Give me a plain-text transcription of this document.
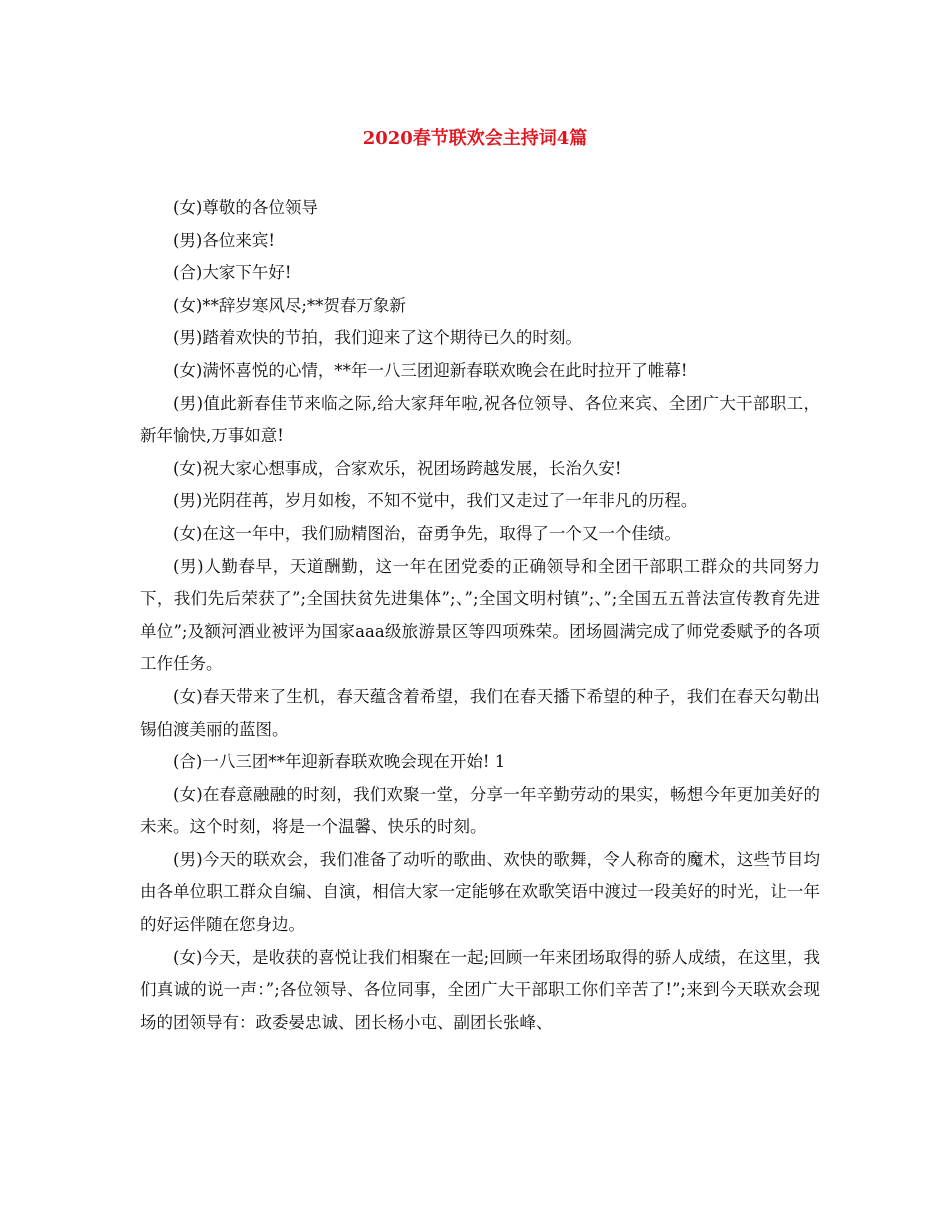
2020春节联欢会主持词4篇

(女)尊敬的各位领导

(男)各位来宾!

(合)大家下午好!

(女)**辞岁寒风尽;**贺春万象新

(男)踏着欢快的节拍，我们迎来了这个期待已久的时刻。

(女)满怀喜悦的心情，**年一八三团迎新春联欢晚会在此时拉开了帷幕!

(男)值此新春佳节来临之际,给大家拜年啦,祝各位领导、各位来宾、全团广大干部职工，新年愉快,万事如意!

(女)祝大家心想事成，合家欢乐，祝团场跨越发展，长治久安!

(男)光阴荏苒，岁月如梭，不知不觉中，我们又走过了一年非凡的历程。

(女)在这一年中，我们励精图治，奋勇争先，取得了一个又一个佳绩。

(男)人勤春早，天道酬勤，这一年在团党委的正确领导和全团干部职工群众的共同努力下，我们先后荣获了”;全国扶贫先进集体”;、”;全国文明村镇”;、”;全国五五普法宣传教育先进单位”;及额河酒业被评为国家aaa级旅游景区等四项殊荣。团场圆满完成了师党委赋予的各项工作任务。

(女)春天带来了生机，春天蕴含着希望，我们在春天播下希望的种子，我们在春天勾勒出锡伯渡美丽的蓝图。

(合)一八三团**年迎新春联欢晚会现在开始! 1

(女)在春意融融的时刻，我们欢聚一堂，分享一年辛勤劳动的果实，畅想今年更加美好的未来。这个时刻，将是一个温馨、快乐的时刻。

(男)今天的联欢会，我们准备了动听的歌曲、欢快的歌舞，令人称奇的魔术，这些节目均由各单位职工群众自编、自演，相信大家一定能够在欢歌笑语中渡过一段美好的时光，让一年的好运伴随在您身边。

(女)今天，是收获的喜悦让我们相聚在一起;回顾一年来团场取得的骄人成绩，在这里，我们真诚的说一声：”;各位领导、各位同事，全团广大干部职工你们辛苦了!”;来到今天联欢会现场的团领导有：政委晏忠诚、团长杨小屯、副团长张峰、
